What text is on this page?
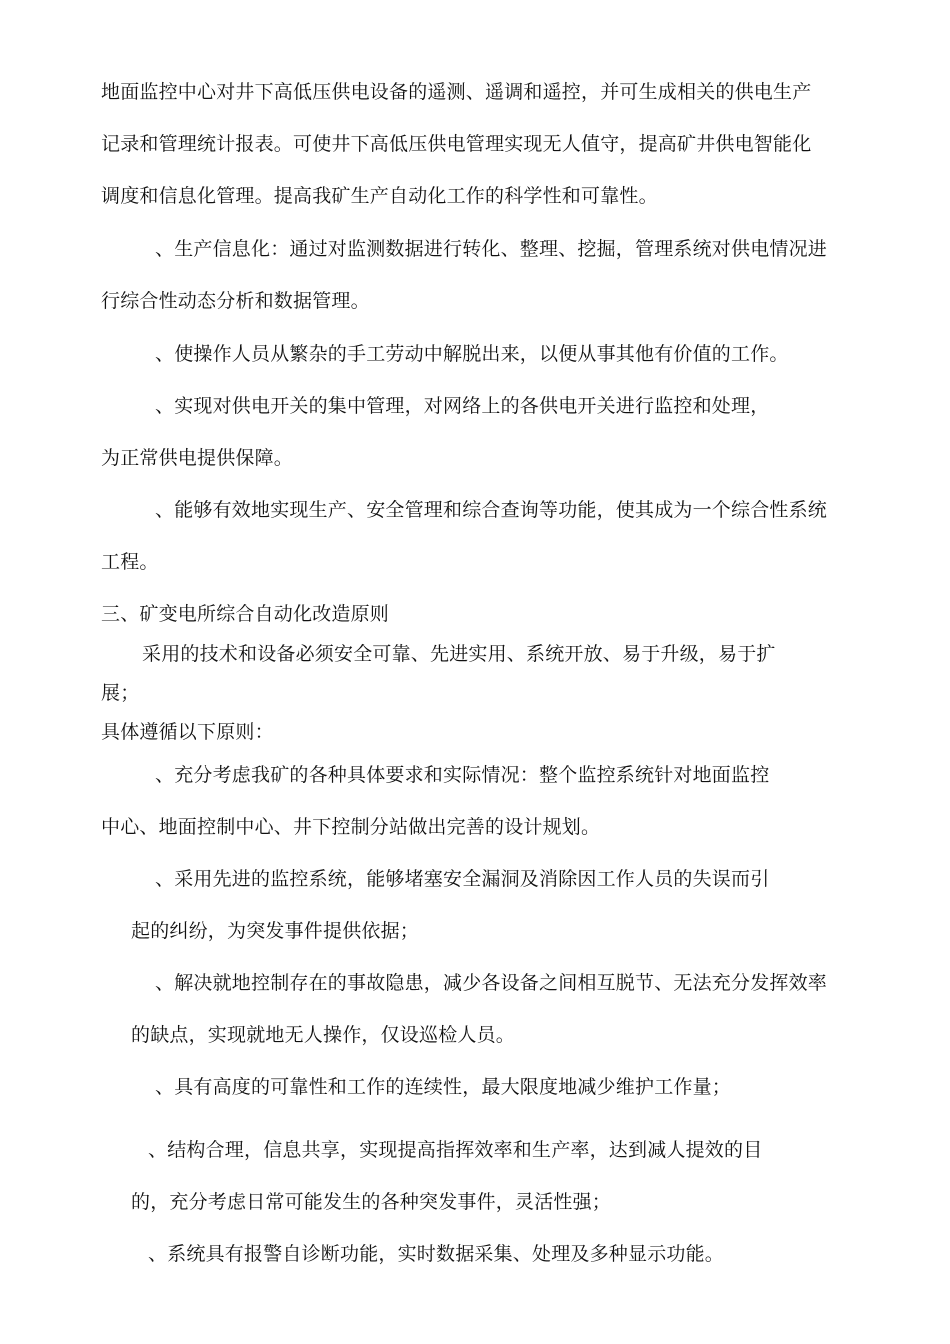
地面监控中心对井下高低压供电设备的遥测、遥调和遥控，并可生成相关的供电生产
记录和管理统计报表。可使井下高低压供电管理实现无人值守，提高矿井供电智能化
调度和信息化管理。提高我矿生产自动化工作的科学性和可靠性。
、生产信息化：通过对监测数据进行转化、整理、挖掘，管理系统对供电情况进
行综合性动态分析和数据管理。
、使操作人员从繁杂的手工劳动中解脱出来，以便从事其他有价值的工作。
、实现对供电开关的集中管理，对网络上的各供电开关进行监控和处理，
为正常供电提供保障。
、能够有效地实现生产、安全管理和综合查询等功能，使其成为一个综合性系统
工程。
三、矿变电所综合自动化改造原则
采用的技术和设备必须安全可靠、先进实用、系统开放、易于升级，易于扩
展；
具体遵循以下原则：
、充分考虑我矿的各种具体要求和实际情况：整个监控系统针对地面监控
中心、地面控制中心、井下控制分站做出完善的设计规划。
、采用先进的监控系统，能够堵塞安全漏洞及消除因工作人员的失误而引
起的纠纷，为突发事件提供依据；
、解决就地控制存在的事故隐患，减少各设备之间相互脱节、无法充分发挥效率
的缺点，实现就地无人操作，仅设巡检人员。
、具有高度的可靠性和工作的连续性，最大限度地减少维护工作量；
、结构合理，信息共享，实现提高指挥效率和生产率，达到减人提效的目
的，充分考虑日常可能发生的各种突发事件，灵活性强；
、系统具有报警自诊断功能，实时数据采集、处理及多种显示功能。
